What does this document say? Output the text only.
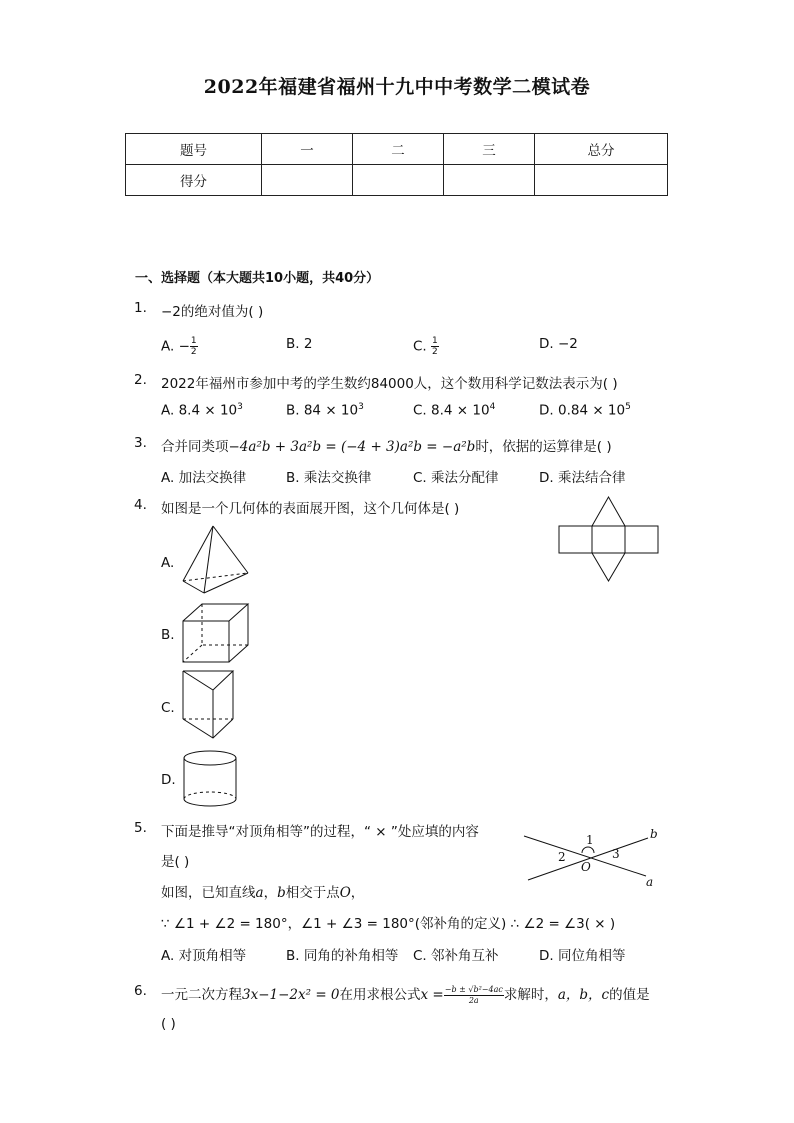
2022年福建省福州十九中中考数学二模试卷
题号	一	二	三	总分
得分				
一、选择题（本大题共10小题，共40分）
1. −2的绝对值为( )
A. − $\frac{1}{2}$	B. 2	C. $\frac{1}{2}$	D. −2
2. 2022年福州市参加中考的学生数约84000人，这个数用科学记数法表示为( )
A. $8.4 \times 10^3$	B. $84 \times 10^3$	C. $8.4 \times 10^4$	D. $0.84 \times 10^5$
3. 合并同类项−4a²b + 3a²b = (−4 + 3)a²b = −a²b时，依据的运算律是( )
A. 加法交换律	B. 乘法交换律	C. 乘法分配律	D. 乘法结合律
4. 如图是一个几何体的表面展开图，这个几何体是( )
A.
B.
C.
D.
5. 下面是推导“对顶角相等”的过程，“ × ”处应填的内容
是( )
如图，已知直线a，b相交于点O，
∵ ∠1 + ∠2 = 180°，∠1 + ∠3 = 180°(邻补角的定义) ∴ ∠2 = ∠3( × )
A. 对顶角相等	B. 同角的补角相等 C. 邻补角互补	D. 同位角相等
1
2	3
O
a
b
6. 一元二次方程3x−1−2x² = 0在用求根公式$x = \frac{\text{−b ± √b²−4ac}}{2a}$ 求解时，a，b，c的值是
( )
